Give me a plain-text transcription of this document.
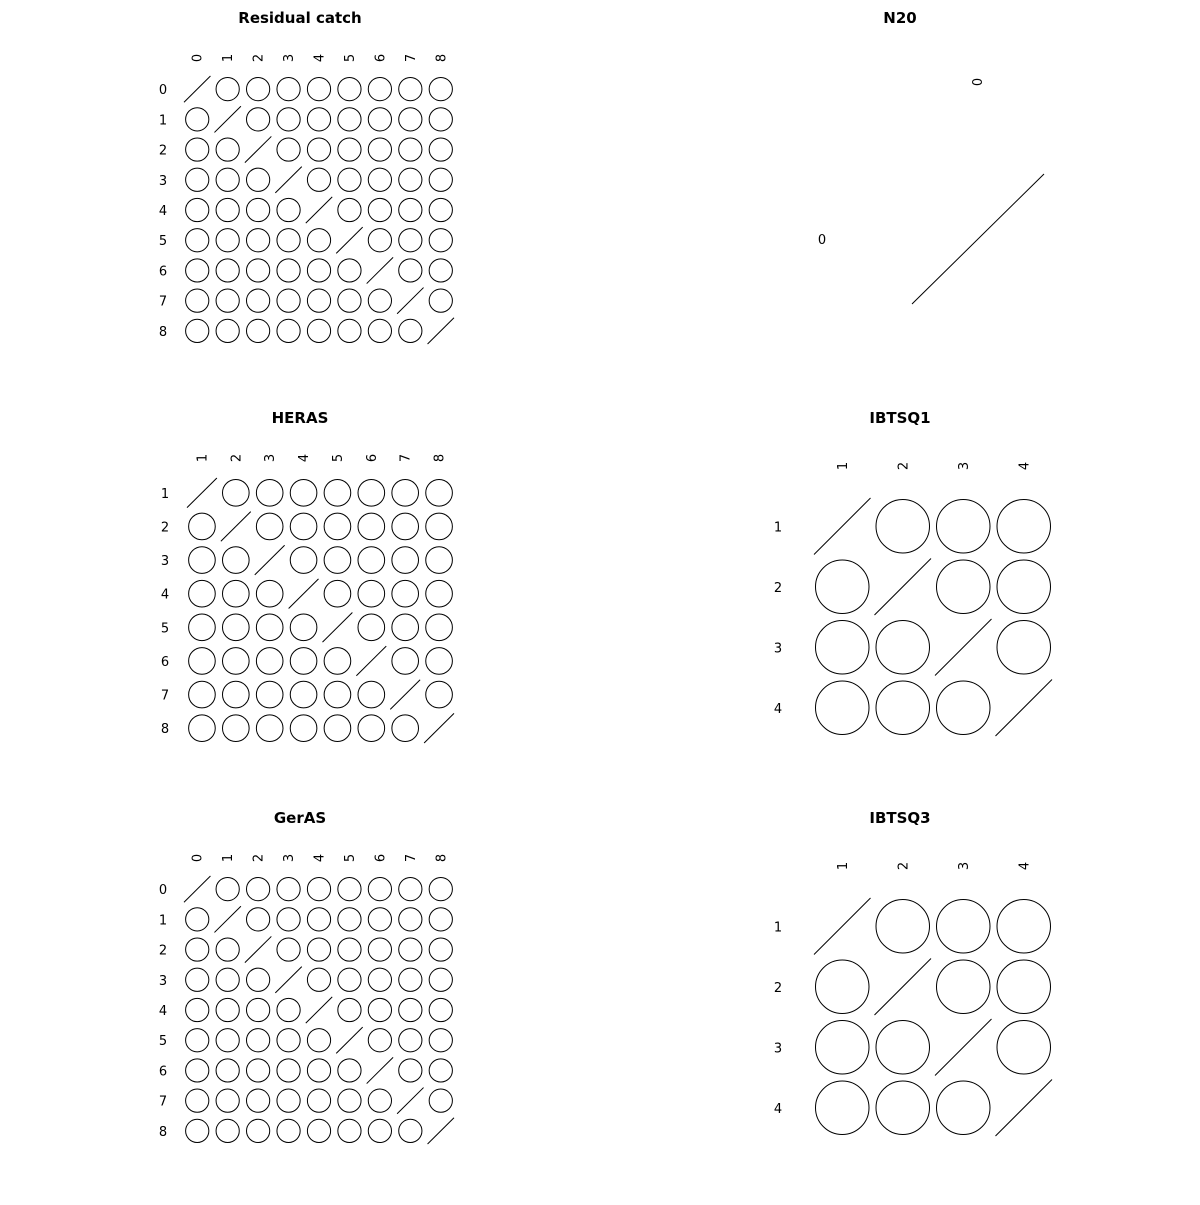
Residual catch
0
0
1
1
2
2
3
3
4
4
5
5
6
6
7
7
8
8
N20
0
0
HERAS
1
1
2
2
3
3
4
4
5
5
6
6
7
7
8
8
IBTSQ1
1
1
2
2
3
3
4
4
GerAS
0
0
1
1
2
2
3
3
4
4
5
5
6
6
7
7
8
8
IBTSQ3
1
1
2
2
3
3
4
4
